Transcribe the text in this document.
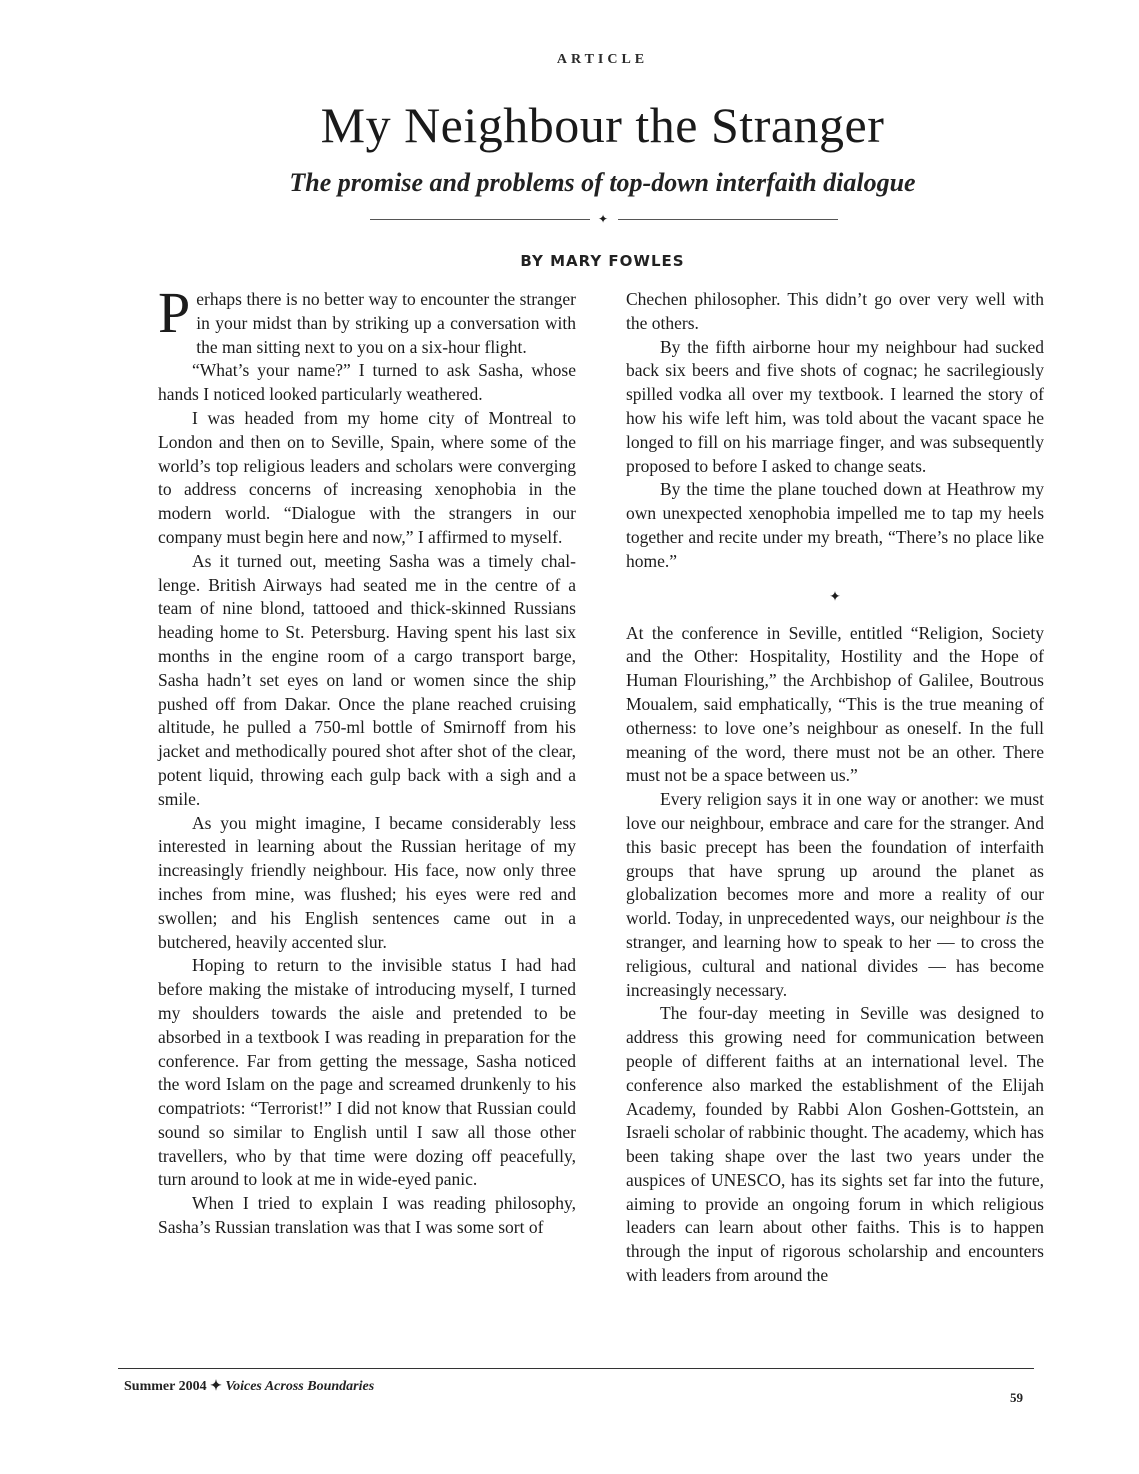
ARTICLE
My Neighbour the Stranger
The promise and problems of top-down interfaith dialogue
✦
BY MARY FOWLES

Perhaps there is no better way to encounter the stranger in your midst than by striking up a conversation with the man sitting next to you on a six-hour flight.

“What’s your name?” I turned to ask Sasha, whose hands I noticed looked particularly weathered.

I was headed from my home city of Montreal to London and then on to Seville, Spain, where some of the world’s top religious leaders and scholars were converging to address concerns of increasing xenophobia in the modern world. “Dialogue with the strangers in our company must begin here and now,” I affirmed to myself.

As it turned out, meeting Sasha was a timely challenge. British Airways had seated me in the centre of a team of nine blond, tattooed and thick-skinned Russians heading home to St. Petersburg. Having spent his last six months in the engine room of a cargo transport barge, Sasha hadn’t set eyes on land or women since the ship pushed off from Dakar. Once the plane reached cruising altitude, he pulled a 750-ml bottle of Smirnoff from his jacket and methodically poured shot after shot of the clear, potent liquid, throwing each gulp back with a sigh and a smile.

As you might imagine, I became considerably less interested in learning about the Russian heritage of my increasingly friendly neighbour. His face, now only three inches from mine, was flushed; his eyes were red and swollen; and his English sentences came out in a butchered, heavily accented slur.

Hoping to return to the invisible status I had had before making the mistake of introducing myself, I turned my shoulders towards the aisle and pretended to be absorbed in a textbook I was reading in preparation for the conference. Far from getting the message, Sasha noticed the word Islam on the page and screamed drunkenly to his compatriots: “Terrorist!” I did not know that Russian could sound so similar to English until I saw all those other travellers, who by that time were dozing off peacefully, turn around to look at me in wide-eyed panic.

When I tried to explain I was reading philosophy, Sasha’s Russian translation was that I was some sort of

Chechen philosopher. This didn’t go over very well with the others.

By the fifth airborne hour my neighbour had sucked back six beers and five shots of cognac; he sacrilegiously spilled vodka all over my textbook. I learned the story of how his wife left him, was told about the vacant space he longed to fill on his marriage finger, and was subsequently proposed to before I asked to change seats.

By the time the plane touched down at Heathrow my own unexpected xenophobia impelled me to tap my heels together and recite under my breath, “There’s no place like home.”

✦

At the conference in Seville, entitled “Religion, Society and the Other: Hospitality, Hostility and the Hope of Human Flourishing,” the Archbishop of Galilee, Boutrous Moualem, said emphatically, “This is the true meaning of otherness: to love one’s neighbour as oneself. In the full meaning of the word, there must not be an other. There must not be a space between us.”

Every religion says it in one way or another: we must love our neighbour, embrace and care for the stranger. And this basic precept has been the foundation of interfaith groups that have sprung up around the planet as globalization becomes more and more a reality of our world. Today, in unprecedented ways, our neighbour is the stranger, and learning how to speak to her — to cross the religious, cultural and national divides — has become increasingly necessary.

The four-day meeting in Seville was designed to address this growing need for communication between people of different faiths at an international level. The conference also marked the establishment of the Elijah Academy, founded by Rabbi Alon Goshen-Gottstein, an Israeli scholar of rabbinic thought. The academy, which has been taking shape over the last two years under the auspices of UNESCO, has its sights set far into the future, aiming to provide an ongoing forum in which religious leaders can learn about other faiths. This is to happen through the input of rigorous scholarship and encounters with leaders from around the

Summer 2004 ✦ Voices Across Boundaries
59
